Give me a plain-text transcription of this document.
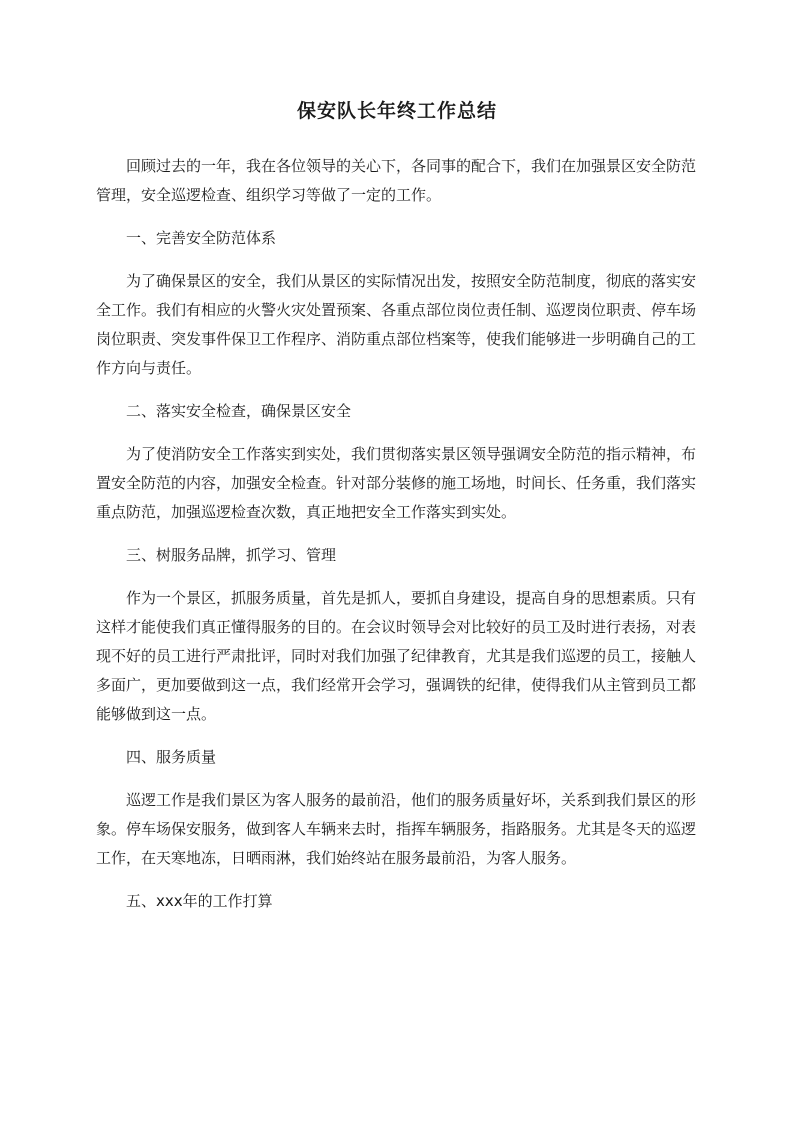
保安队长年终工作总结

回顾过去的一年，我在各位领导的关心下，各同事的配合下，我们在加强景区安全防范管理，安全巡逻检查、组织学习等做了一定的工作。

一、完善安全防范体系

为了确保景区的安全，我们从景区的实际情况出发，按照安全防范制度，彻底的落实安全工作。我们有相应的火警火灾处置预案、各重点部位岗位责任制、巡逻岗位职责、停车场岗位职责、突发事件保卫工作程序、消防重点部位档案等，使我们能够进一步明确自己的工作方向与责任。

二、落实安全检查，确保景区安全

为了使消防安全工作落实到实处，我们贯彻落实景区领导强调安全防范的指示精神，布置安全防范的内容，加强安全检查。针对部分装修的施工场地，时间长、任务重，我们落实重点防范，加强巡逻检查次数，真正地把安全工作落实到实处。

三、树服务品牌，抓学习、管理

作为一个景区，抓服务质量，首先是抓人，要抓自身建设，提高自身的思想素质。只有这样才能使我们真正懂得服务的目的。在会议时领导会对比较好的员工及时进行表扬，对表现不好的员工进行严肃批评，同时对我们加强了纪律教育，尤其是我们巡逻的员工，接触人多面广，更加要做到这一点，我们经常开会学习，强调铁的纪律，使得我们从主管到员工都能够做到这一点。

四、服务质量

巡逻工作是我们景区为客人服务的最前沿，他们的服务质量好坏，关系到我们景区的形象。停车场保安服务，做到客人车辆来去时，指挥车辆服务，指路服务。尤其是冬天的巡逻工作，在天寒地冻，日晒雨淋，我们始终站在服务最前沿，为客人服务。

五、xxx年的工作打算
